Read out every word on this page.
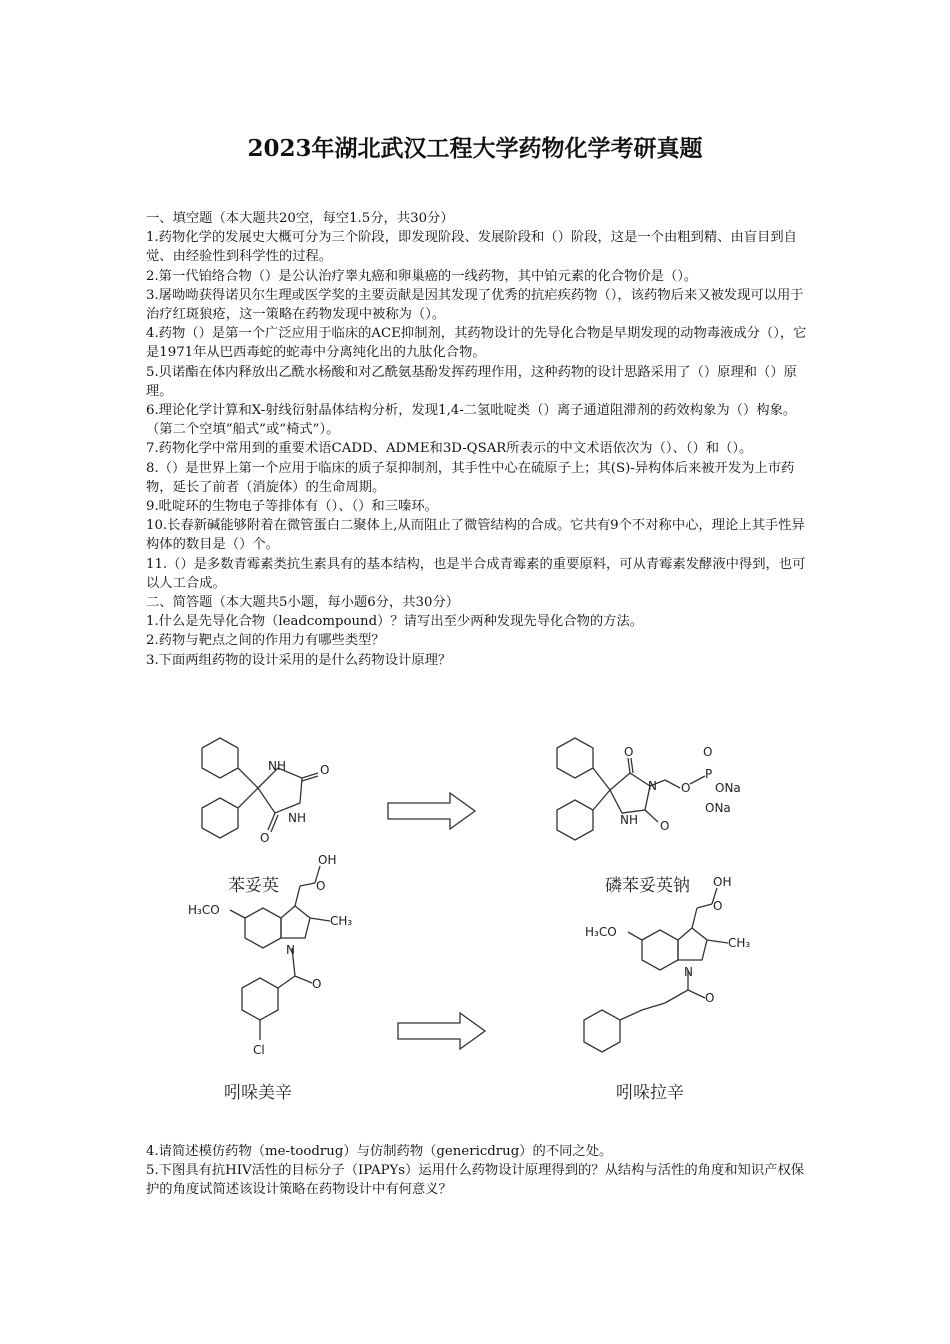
2023年湖北武汉工程大学药物化学考研真题

一、填空题（本大题共20空，每空1.5分，共30分）

1.药物化学的发展史大概可分为三个阶段，即发现阶段、发展阶段和（）阶段，这是一个由粗到精、由盲目到自觉、由经验性到科学性的过程。

2.第一代铂络合物（）是公认治疗睾丸癌和卵巢癌的一线药物，其中铂元素的化合物价是（）。

3.屠呦呦获得诺贝尔生理或医学奖的主要贡献是因其发现了优秀的抗疟疾药物（），该药物后来又被发现可以用于治疗红斑狼疮，这一策略在药物发现中被称为（）。

4.药物（）是第一个广泛应用于临床的ACE抑制剂，其药物设计的先导化合物是早期发现的动物毒液成分（），它是1971年从巴西毒蛇的蛇毒中分离纯化出的九肽化合物。

5.贝诺酯在体内释放出乙酰水杨酸和对乙酰氨基酚发挥药理作用，这种药物的设计思路采用了（）原理和（）原理。

6.理论化学计算和X-射线衍射晶体结构分析，发现1,4-二氢吡啶类（）离子通道阻滞剂的药效构象为（）构象。（第二个空填“船式”或“椅式”）。

7.药物化学中常用到的重要术语CADD、ADME和3D-QSAR所表示的中文术语依次为（）、（）和（）。

8.（）是世界上第一个应用于临床的质子泵抑制剂，其手性中心在硫原子上；其(S)-异构体后来被开发为上市药物，延长了前者（消旋体）的生命周期。

9.吡啶环的生物电子等排体有（）、（）和三嗪环。

10.长春新碱能够附着在微管蛋白二聚体上,从而阻止了微管结构的合成。它共有9个不对称中心，理论上其手性异构体的数目是（）个。

11.（）是多数青霉素类抗生素具有的基本结构，也是半合成青霉素的重要原料，可从青霉素发酵液中得到，也可以人工合成。

二、简答题（本大题共5小题，每小题6分，共30分）

1.什么是先导化合物（leadcompound）？请写出至少两种发现先导化合物的方法。

2.药物与靶点之间的作用力有哪些类型？

3.下面两组药物的设计采用的是什么药物设计原理？

NH
NH
O
O
O
N
NH O
O
P
O
ONa
ONa
OH
O
H₃CO
CH₃
N
O
Cl
OH
O
H₃CO
CH₃
N
O
苯妥英	磷苯妥英钠
吲哚美辛	吲哚拉辛

4.请简述模仿药物（me-toodrug）与仿制药物（genericdrug）的不同之处。

5.下图具有抗HIV活性的目标分子（IPAPYs）运用什么药物设计原理得到的？从结构与活性的角度和知识产权保护的角度试简述该设计策略在药物设计中有何意义？
